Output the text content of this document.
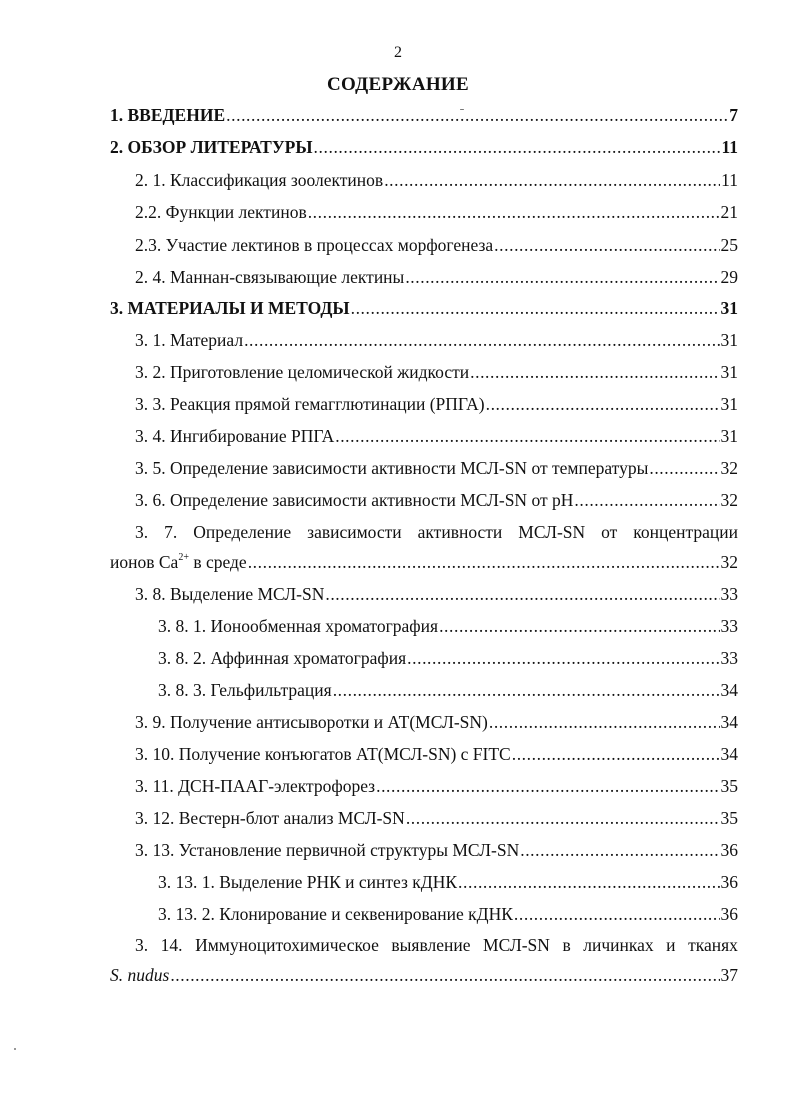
2
СОДЕРЖАНИЕ
1. ВВЕДЕНИЕ .....	7
2. ОБЗОР ЛИТЕРАТУРЫ .....	11
2. 1. Классификация зоолектинов .....	11
2.2. Функции лектинов .....	21
2.3. Участие лектинов в процессах морфогенеза .....	25
2. 4. Маннан-связывающие лектины .....	29
3. МАТЕРИАЛЫ И МЕТОДЫ .....	31
3. 1. Материал .....	31
3. 2. Приготовление целомической жидкости .....	31
3. 3. Реакция прямой гемагглютинации (РПГА) .....	31
3. 4. Ингибирование РПГА .....	31
3. 5. Определение зависимости активности МСЛ-SN от температуры .....	32
3. 6. Определение зависимости активности МСЛ-SN от pH .....	32
3. 7. Определение зависимости активности МСЛ-SN от концентрации
ионов $Ca^{2+}$ в среде .....	32
3. 8. Выделение МСЛ-SN .....	33
3. 8. 1. Ионообменная хроматография .....	33
3. 8. 2. Аффинная хроматография .....	33
3. 8. 3. Гельфильтрация .....	34
3. 9. Получение антисыворотки и АТ(МСЛ-SN) .....	34
3. 10. Получение конъюгатов АТ(МСЛ-SN) с FITC .....	34
3. 11. ДСН-ПААГ-электрофорез .....	35
3. 12. Вестерн-блот анализ МСЛ-SN .....	35
3. 13. Установление первичной структуры МСЛ-SN .....	36
3. 13. 1. Выделение РНК и синтез кДНК .....	36
3. 13. 2. Клонирование и секвенирование кДНК .....	36
3. 14. Иммуноцитохимическое выявление МСЛ-SN в личинках и тканях
S. nudus .....	37
